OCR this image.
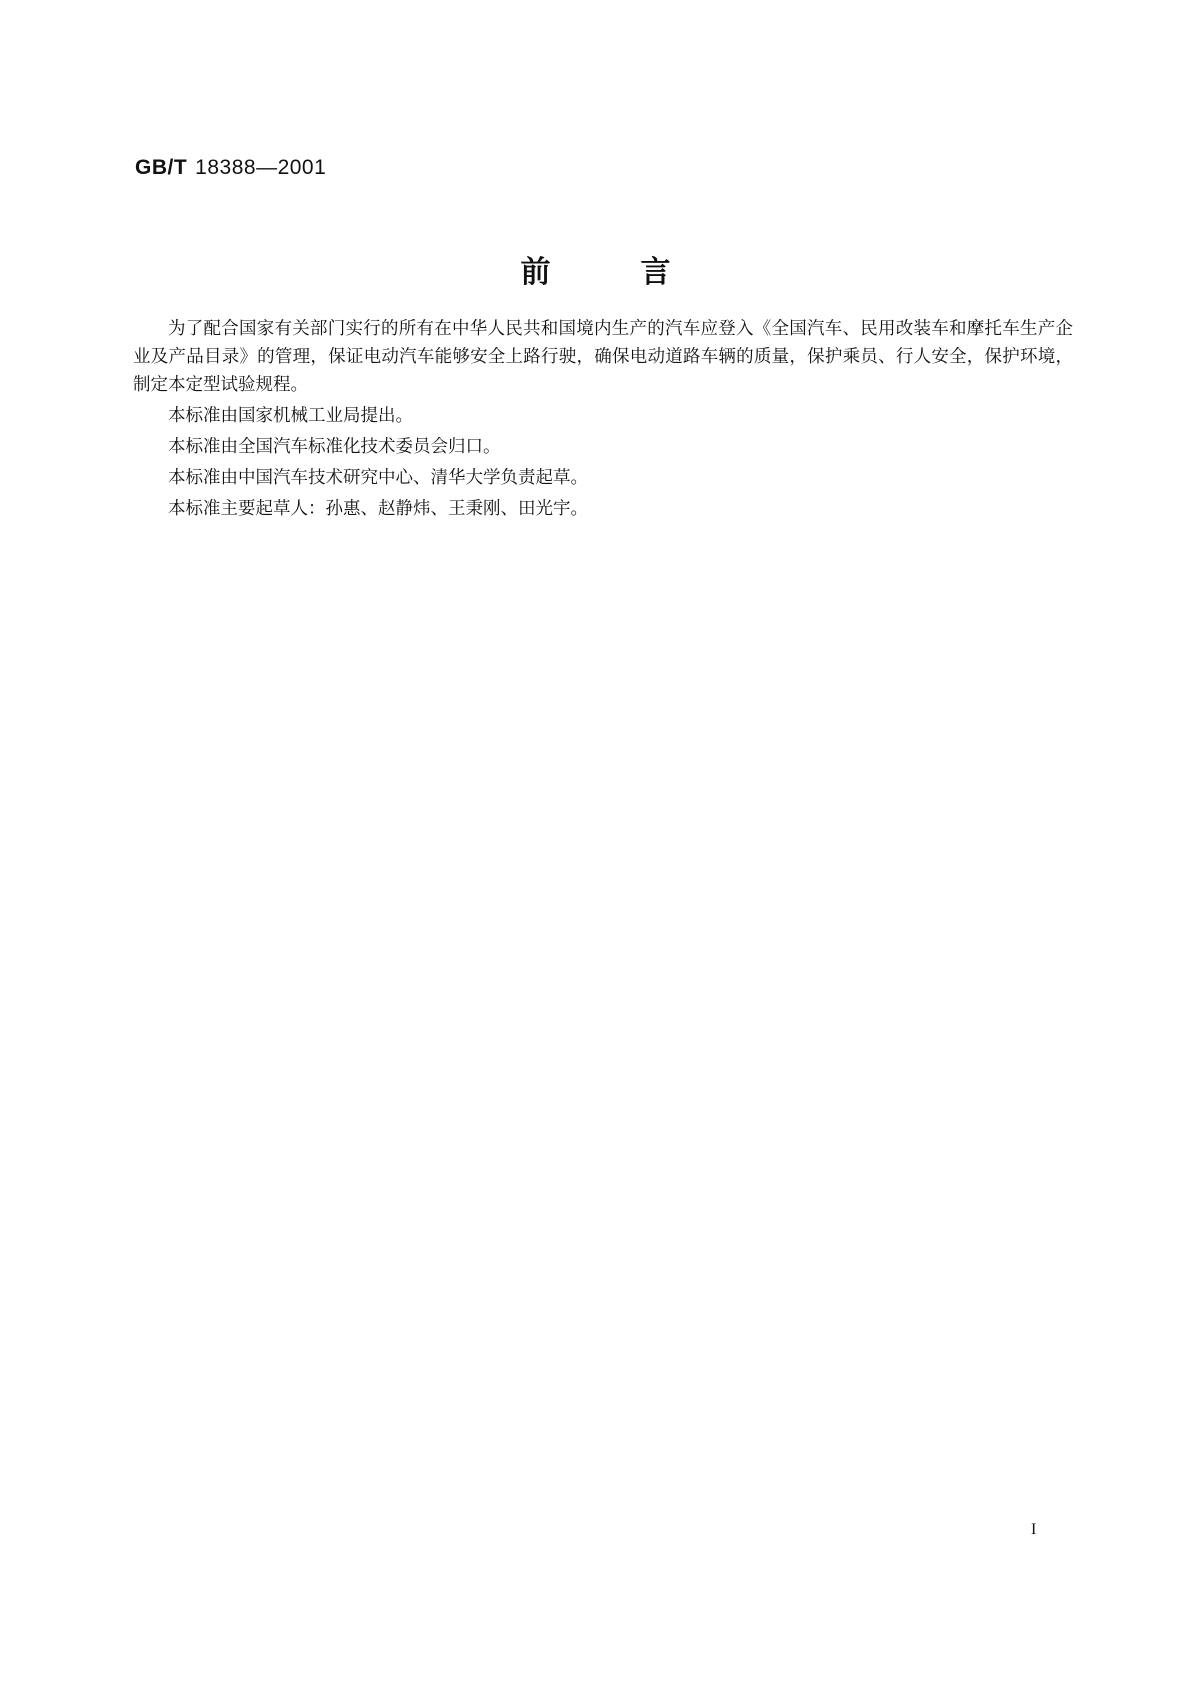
GB/T 18388—2001
前言

为了配合国家有关部门实行的所有在中华人民共和国境内生产的汽车应登入《全国汽车、民用改装车和摩托车生产企业及产品目录》的管理，保证电动汽车能够安全上路行驶，确保电动道路车辆的质量，保护乘员、行人安全，保护环境，制定本定型试验规程。

本标准由国家机械工业局提出。

本标准由全国汽车标准化技术委员会归口。

本标准由中国汽车技术研究中心、清华大学负责起草。

本标准主要起草人：孙惠、赵静炜、王秉刚、田光宇。

I
